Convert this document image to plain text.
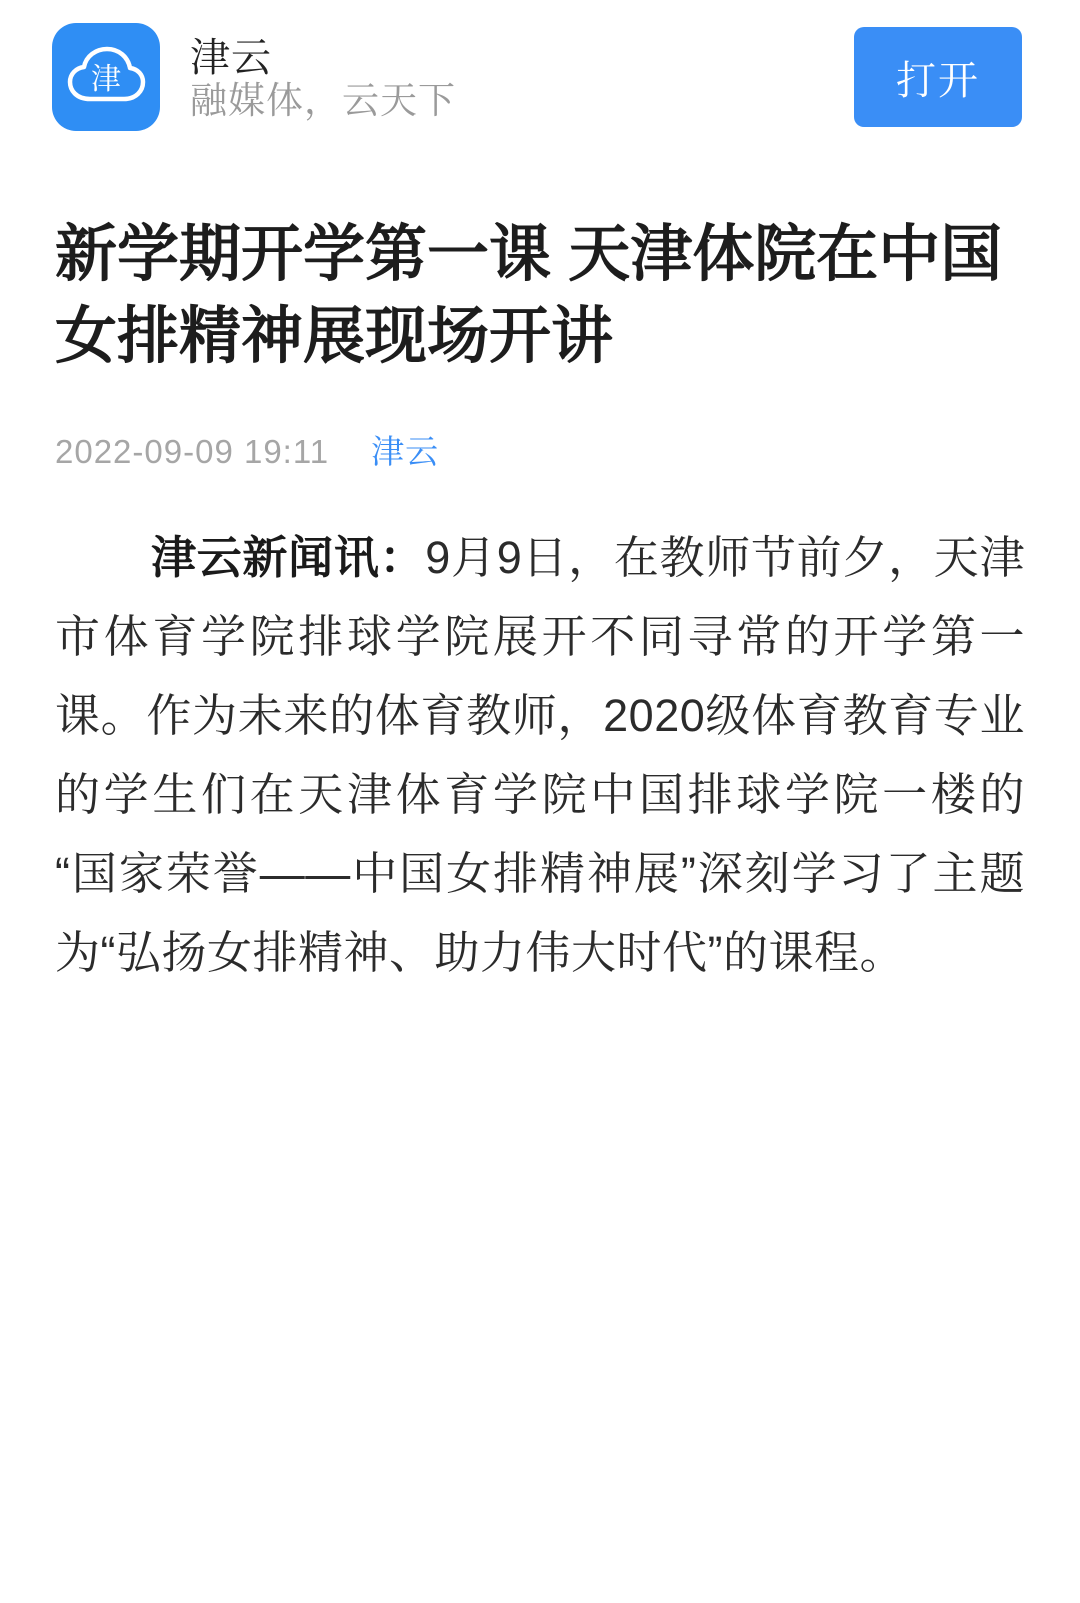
津 津云
融媒体，云天下	打开
新学期开学第一课 天津体院在中国女排精神展现场开讲
2022-09-09 19:11 津云

津云新闻讯：9月9日，在教师节前夕，天津市体育学院排球学院展开不同寻常的开学第一课。作为未来的体育教师，2020级体育教育专业的学生们在天津体育学院中国排球学院一楼的“国家荣誉——中国女排精神展”深刻学习了主题为“弘扬女排精神、助力伟大时代”的课程。
